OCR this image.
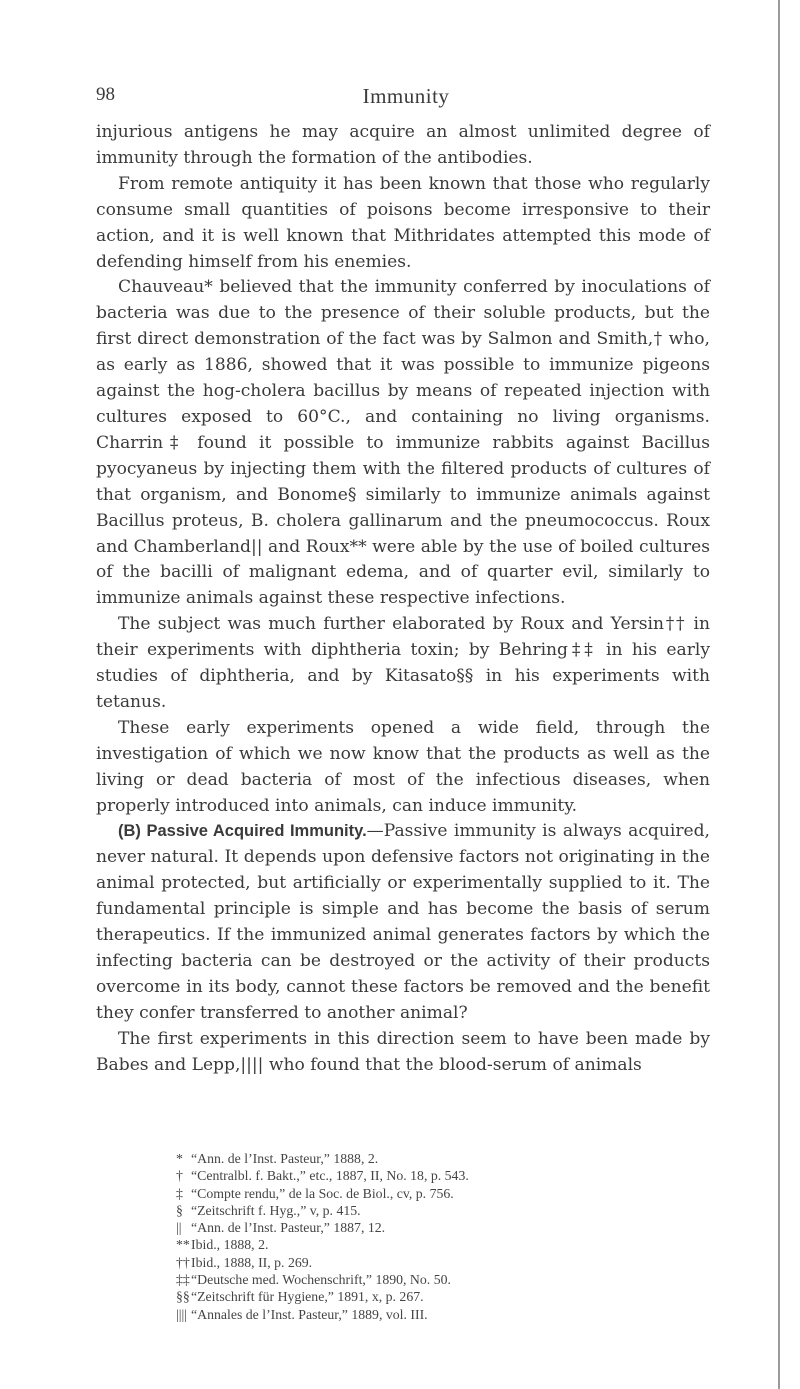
98	Immunity

injurious antigens he may acquire an almost unlimited degree of immunity through the formation of the antibodies.

From remote antiquity it has been known that those who regularly consume small quantities of poisons become irresponsive to their action, and it is well known that Mithridates attempted this mode of defending himself from his enemies.

Chauveau* believed that the immunity conferred by inoculations of bacteria was due to the presence of their soluble products, but the first direct demonstration of the fact was by Salmon and Smith,† who, as early as 1886, showed that it was possible to immunize pigeons against the hog-cholera bacillus by means of repeated injection with cultures exposed to 60°C., and containing no living organisms. Charrin‡ found it possible to immunize rabbits against Bacillus pyocyaneus by injecting them with the filtered products of cultures of that organism, and Bonome§ similarly to immunize animals against Bacillus proteus, B. cholera gallinarum and the pneumococcus. Roux and Chamberland|| and Roux** were able by the use of boiled cultures of the bacilli of malignant edema, and of quarter evil, similarly to immunize animals against these respective infections.

The subject was much further elaborated by Roux and Yersin†† in their experiments with diphtheria toxin; by Behring‡‡ in his early studies of diphtheria, and by Kitasato§§ in his experiments with tetanus.

These early experiments opened a wide field, through the investigation of which we now know that the products as well as the living or dead bacteria of most of the infectious diseases, when properly introduced into animals, can induce immunity.

(B) Passive Acquired Immunity.—Passive immunity is always acquired, never natural. It depends upon defensive factors not originating in the animal protected, but artificially or experimentally supplied to it. The fundamental principle is simple and has become the basis of serum therapeutics. If the immunized animal generates factors by which the infecting bacteria can be destroyed or the activity of their products overcome in its body, cannot these factors be removed and the benefit they confer transferred to another animal?

The first experiments in this direction seem to have been made by Babes and Lepp,|||| who found that the blood-serum of animals

* “Ann. de l’Inst. Pasteur,” 1888, 2.
† “Centralbl. f. Bakt.,” etc., 1887, II, No. 18, p. 543.
‡ “Compte rendu,” de la Soc. de Biol., cv, p. 756.
§ “Zeitschrift f. Hyg.,” v, p. 415.
|| “Ann. de l’Inst. Pasteur,” 1887, 12.
** Ibid., 1888, 2.
†† Ibid., 1888, II, p. 269.
‡‡ “Deutsche med. Wochenschrift,” 1890, No. 50.
§§ “Zeitschrift für Hygiene,” 1891, x, p. 267.
|||| “Annales de l’Inst. Pasteur,” 1889, vol. III.
